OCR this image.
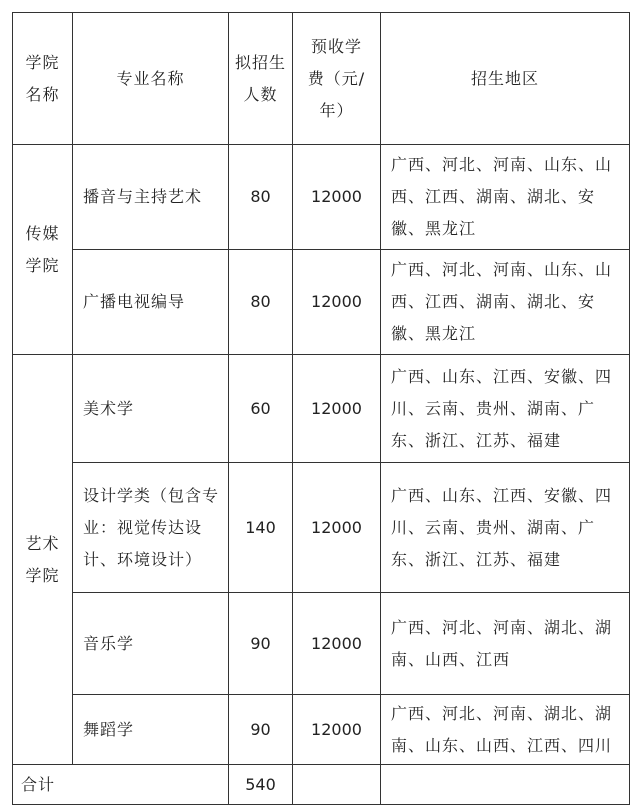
学院名称	专业名称	拟招生人数	预收学费（元/年）	招生地区
传媒学院	播音与主持艺术	80	12000	广西、河北、河南、山东、山西、江西、湖南、湖北、安徽、黑龙江
	广播电视编导	80	12000	广西、河北、河南、山东、山西、江西、湖南、湖北、安徽、黑龙江
艺术学院	美术学	60	12000	广西、山东、江西、安徽、四川、云南、贵州、湖南、广东、浙江、江苏、福建
	设计学类（包含专业：视觉传达设计、环境设计）	140	12000	广西、山东、江西、安徽、四川、云南、贵州、湖南、广东、浙江、江苏、福建
	音乐学	90	12000	广西、河北、河南、湖北、湖南、山西、江西
	舞蹈学	90	12000	广西、河北、河南、湖北、湖南、山东、山西、江西、四川
合计		540		
